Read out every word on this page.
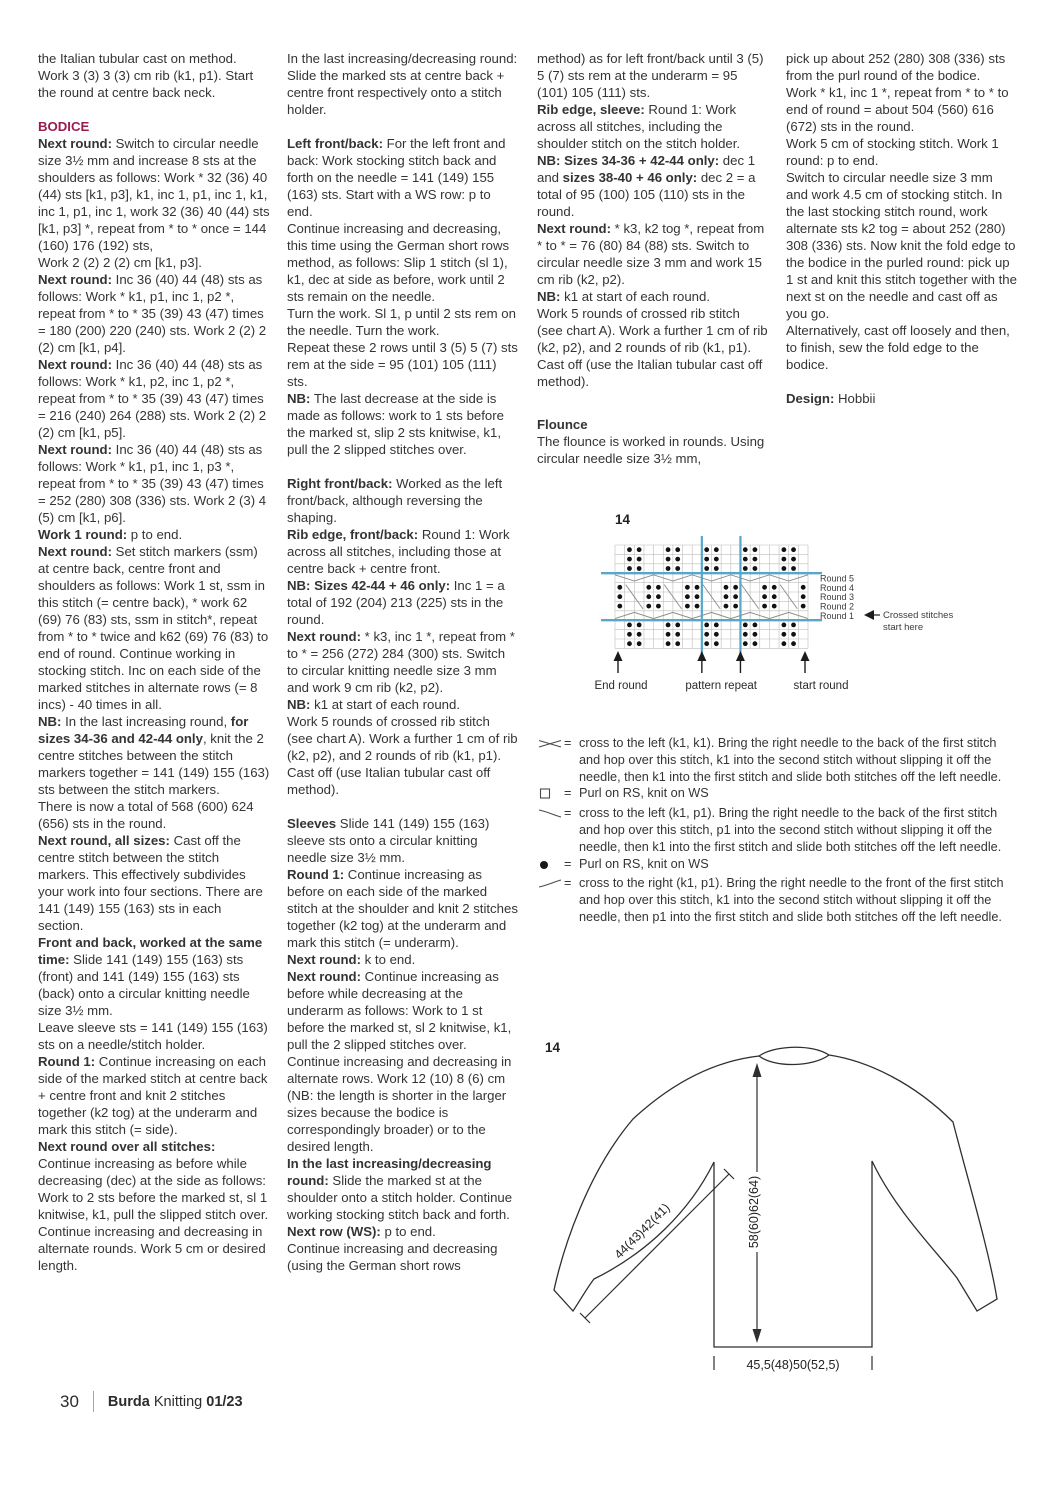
the Italian tubular cast on method. Work 3 (3) 3 (3) cm rib (k1, p1). Start the round at centre back neck.

BODICE

Next round: Switch to circular needle size 3½ mm and increase 8 sts at the shoulders as follows: Work * 32 (36) 40 (44) sts [k1, p3], k1, inc 1, p1, inc 1, k1, inc 1, p1, inc 1, work 32 (36) 40 (44) sts [k1, p3] *, repeat from * to * once = 144 (160) 176 (192) sts,

Work 2 (2) 2 (2) cm [k1, p3].

Next round: Inc 36 (40) 44 (48) sts as follows: Work * k1, p1, inc 1, p2 *, repeat from * to * 35 (39) 43 (47) times = 180 (200) 220 (240) sts. Work 2 (2) 2 (2) cm [k1, p4].

Next round: Inc 36 (40) 44 (48) sts as follows: Work * k1, p2, inc 1, p2 *, repeat from * to * 35 (39) 43 (47) times = 216 (240) 264 (288) sts. Work 2 (2) 2 (2) cm [k1, p5].

Next round: Inc 36 (40) 44 (48) sts as follows: Work * k1, p1, inc 1, p3 *, repeat from * to * 35 (39) 43 (47) times = 252 (280) 308 (336) sts. Work 2 (3) 4 (5) cm [k1, p6].

Work 1 round: p to end.

Next round: Set stitch markers (ssm) at centre back, centre front and shoulders as follows: Work 1 st, ssm in this stitch (= centre back), * work 62 (69) 76 (83) sts, ssm in stitch*, repeat from * to * twice and k62 (69) 76 (83) to end of round. Continue working in stocking stitch. Inc on each side of the marked stitches in alternate rows (= 8 incs) - 40 times in all.

NB: In the last increasing round, for sizes 34-36 and 42-44 only, knit the 2 centre stitches between the stitch markers together = 141 (149) 155 (163) sts between the stitch markers.

There is now a total of 568 (600) 624 (656) sts in the round.

Next round, all sizes: Cast off the centre stitch between the stitch markers. This effectively subdivides your work into four sections. There are 141 (149) 155 (163) sts in each section.

Front and back, worked at the same time: Slide 141 (149) 155 (163) sts (front) and 141 (149) 155 (163) sts (back) onto a circular knitting needle size 3½ mm.

Leave sleeve sts = 141 (149) 155 (163) sts on a needle/stitch holder.

Round 1: Continue increasing on each side of the marked stitch at centre back + centre front and knit 2 stitches together (k2 tog) at the underarm and mark this stitch (= side).

Next round over all stitches: Continue increasing as before while decreasing (dec) at the side as follows: Work to 2 sts before the marked st, sl 1 knitwise, k1, pull the slipped stitch over. Continue increasing and decreasing in alternate rounds. Work 5 cm or desired length.

In the last increasing/decreasing round: Slide the marked sts at centre back + centre front respectively onto a stitch holder.

Left front/back: For the left front and back: Work stocking stitch back and forth on the needle = 141 (149) 155 (163) sts. Start with a WS row: p to end.

Continue increasing and decreasing, this time using the German short rows method, as follows: Slip 1 stitch (sl 1), k1, dec at side as before, work until 2 sts remain on the needle.

Turn the work. Sl 1, p until 2 sts rem on the needle. Turn the work.

Repeat these 2 rows until 3 (5) 5 (7) sts rem at the side = 95 (101) 105 (111) sts.

NB: The last decrease at the side is made as follows: work to 1 sts before the marked st, slip 2 sts knitwise, k1, pull the 2 slipped stitches over.

Right front/back: Worked as the left front/back, although reversing the shaping.

Rib edge, front/back: Round 1: Work across all stitches, including those at centre back + centre front.

NB: Sizes 42-44 + 46 only: Inc 1 = a total of 192 (204) 213 (225) sts in the round.

Next round: * k3, inc 1 *, repeat from * to * = 256 (272) 284 (300) sts. Switch to circular knitting needle size 3 mm and work 9 cm rib (k2, p2).

NB: k1 at start of each round.

Work 5 rounds of crossed rib stitch (see chart A). Work a further 1 cm of rib (k2, p2), and 2 rounds of rib (k1, p1). Cast off (use Italian tubular cast off method).

Sleeves Slide 141 (149) 155 (163) sleeve sts onto a circular knitting needle size 3½ mm.

Round 1: Continue increasing as before on each side of the marked stitch at the shoulder and knit 2 stitches together (k2 tog) at the underarm and mark this stitch (= underarm).

Next round: k to end.

Next round: Continue increasing as before while decreasing at the underarm as follows: Work to 1 st before the marked st, sl 2 knitwise, k1, pull the 2 slipped stitches over. Continue increasing and decreasing in alternate rows. Work 12 (10) 8 (6) cm (NB: the length is shorter in the larger sizes because the bodice is correspondingly broader) or to the desired length.

In the last increasing/decreasing round: Slide the marked st at the shoulder onto a stitch holder. Continue working stocking stitch back and forth.

Next row (WS): p to end.

Continue increasing and decreasing (using the German short rows

method) as for left front/back until 3 (5) 5 (7) sts rem at the underarm = 95 (101) 105 (111) sts.

Rib edge, sleeve: Round 1: Work across all stitches, including the shoulder stitch on the stitch holder.

NB: Sizes 34-36 + 42-44 only: dec 1 and sizes 38-40 + 46 only: dec 2 = a total of 95 (100) 105 (110) sts in the round.

Next round: * k3, k2 tog *, repeat from * to * = 76 (80) 84 (88) sts. Switch to circular needle size 3 mm and work 15 cm rib (k2, p2).

NB: k1 at start of each round.

Work 5 rounds of crossed rib stitch (see chart A). Work a further 1 cm of rib (k2, p2), and 2 rounds of rib (k1, p1). Cast off (use the Italian tubular cast off method).

Flounce

The flounce is worked in rounds. Using circular needle size 3½ mm,

pick up about 252 (280) 308 (336) sts from the purl round of the bodice.

Work * k1, inc 1 *, repeat from * to * to end of round = about 504 (560) 616 (672) sts in the round.

Work 5 cm of stocking stitch. Work 1 round: p to end.

Switch to circular needle size 3 mm and work 4.5 cm of stocking stitch. In the last stocking stitch round, work alternate sts k2 tog = about 252 (280) 308 (336) sts. Now knit the fold edge to the bodice in the purled round: pick up 1 st and knit this stitch together with the next st on the needle and cast off as you go.

Alternatively, cast off loosely and then, to finish, sew the fold edge to the bodice.

Design: Hobbii

14
Round 5
Round 4
Round 3
Round 2
Round 1	Crossed stitches
start here
End round	pattern repeat	start round
= cross to the left (k1, k1). Bring the right needle to the back of the first stitch and hop over this stitch, k1 into the second stitch without slipping it off the needle, then k1 into the first stitch and slide both stitches off the left needle.
= Purl on RS, knit on WS
= cross to the left (k1, p1). Bring the right needle to the back of the first stitch and hop over this stitch, p1 into the second stitch without slipping it off the needle, then k1 into the first stitch and slide both stitches off the left needle.
= Purl on RS, knit on WS
= cross to the right (k1, p1). Bring the right needle to the front of the first stitch and hop over this stitch, k1 into the second stitch without slipping it off the needle, then p1 into the first stitch and slide both stitches off the left needle.
14
58(60)62(64)
44(43)42(41)
45,5(48)50(52,5)
30 Burda Knitting 01/23
